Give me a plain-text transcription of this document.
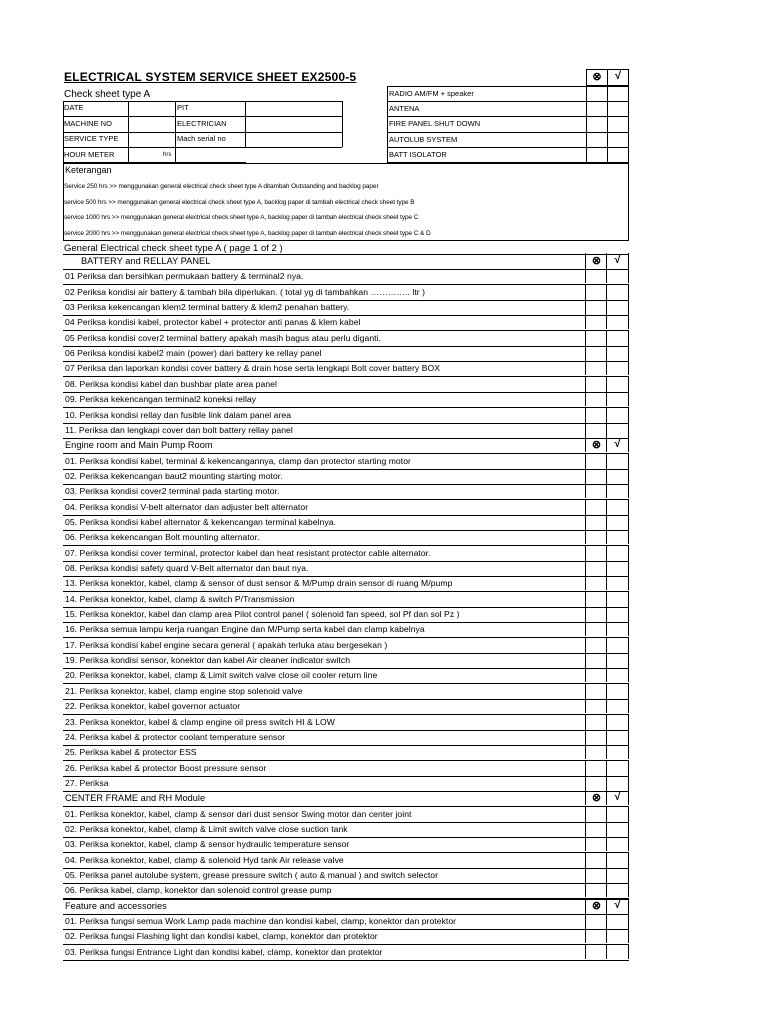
ELECTRICAL SYSTEM SERVICE SHEET EX2500-5
Check sheet type A
⊗	√
DATE	PIT
MACHINE NO	ELECTRICIAN
SERVICE TYPE	Mach serial no
HOUR METER	hrs
RADIO AM/FM + speaker
ANTENA
FIRE PANEL SHUT DOWN
AUTOLUB SYSTEM
BATT ISOLATOR
Keterangan
Service 250 hrs >> menggunakan general electrical check sheet type A ditambah Outstanding and backlog paper
service 500 hrs >> menggunakan general electrical check sheet type A, backlog paper di tambah electrical check sheet type B
service 1000 hrs >> menggunakan general electrical check sheet type A, backlog paper di tambah electrical check sheet type C
service 2000 hrs >> menggunakan general electrical check sheet type A, backlog paper di tambah electrical check sheet type C & D
General Electrical check sheet type A ( page 1 of 2 )
BATTERY and RELLAY PANEL	⊗	√
01 Periksa dan bersihkan permukaan battery & terminal2 nya.
02 Periksa kondisi air battery & tambah bila diperlukan. ( total yg di tambahkan ………….. ltr )
03 Periksa kekencangan klem2 terminal battery & klem2 penahan battery.
04 Periksa kondisi kabel, protector kabel + protector anti panas & klem kabel
05 Periksa kondisi cover2 terminal battery apakah masih bagus atau perlu diganti.
06 Periksa kondisi kabel2 main (power) dari battery ke rellay panel
07 Periksa dan laporkan kondisi cover battery & drain hose serta lengkapi Bolt cover battery BOX
08. Periksa kondisi kabel dan bushbar plate area panel
09. Periksa kekencangan terminal2 koneksi rellay
10. Periksa kondisi rellay dan fusible link dalam panel area
11. Periksa dan lengkapi cover dan bolt battery rellay panel
Engine room and Main Pump Room	⊗	√
01. Periksa kondisi kabel, terminal & kekencangannya, clamp dan protector starting motor
02. Periksa kekencangan baut2 mounting starting motor.
03. Periksa kondisi cover2 terminal pada starting motor.
04. Periksa kondisi V-belt alternator dan adjuster belt alternator
05. Periksa kondisi kabel alternator & kekencangan terminal kabelnya.
06. Periksa kekencangan Bolt mounting alternator.
07. Periksa kondisi cover terminal, protector kabel dan heat resistant protector cable alternator.
08. Periksa kondisi safety quard V-Belt alternator dan baut nya.
13. Periksa konektor, kabel, clamp & sensor of dust sensor & M/Pump drain sensor di ruang M/pump
14. Periksa konektor, kabel, clamp & switch P/Transmission
15. Periksa konektor, kabel dan clamp area Pilot control panel ( solenoid fan speed, sol Pf dan sol Pz )
16. Periksa semua lampu kerja ruangan Engine dan M/Pump serta kabel dan clamp kabelnya
17. Periksa kondisi kabel engine secara general ( apakah terluka atau bergesekan )
19. Periksa kondisi sensor, konektor dan kabel Air cleaner indicator switch
20. Periksa konektor, kabel, clamp & Limit switch valve close oil cooler return line
21. Periksa konektor, kabel, clamp engine stop solenoid valve
22. Periksa konektor, kabel governor actuator
23. Periksa konektor, kabel & clamp engine oil press switch HI & LOW
24. Periksa kabel & protector coolant temperature sensor
25. Periksa kabel & protector ESS
26. Periksa kabel & protector Boost pressure sensor
27. Periksa
CENTER FRAME and RH Module	⊗	√
01. Periksa konektor, kabel, clamp & sensor dari dust sensor Swing motor dan center joint
02. Periksa konektor, kabel, clamp & Limit switch valve close suction tank
03. Periksa konektor, kabel, clamp & sensor hydraulic temperature sensor
04. Periksa konektor, kabel, clamp & solenoid Hyd tank Air release valve
05. Periksa panel autolube system, grease pressure switch ( auto & manual ) and switch selector
06. Periksa kabel, clamp, konektor dan solenoid control grease pump
Feature and accessories	⊗	√
01. Periksa fungsi semua Work Lamp pada machine dan kondisi kabel, clamp, konektor dan protektor
02. Periksa fungsi Flashing light dan kondisi kabel, clamp, konektor dan protektor
03. Periksa fungsi Entrance Light dan kondisi kabel, clamp, konektor dan protektor
